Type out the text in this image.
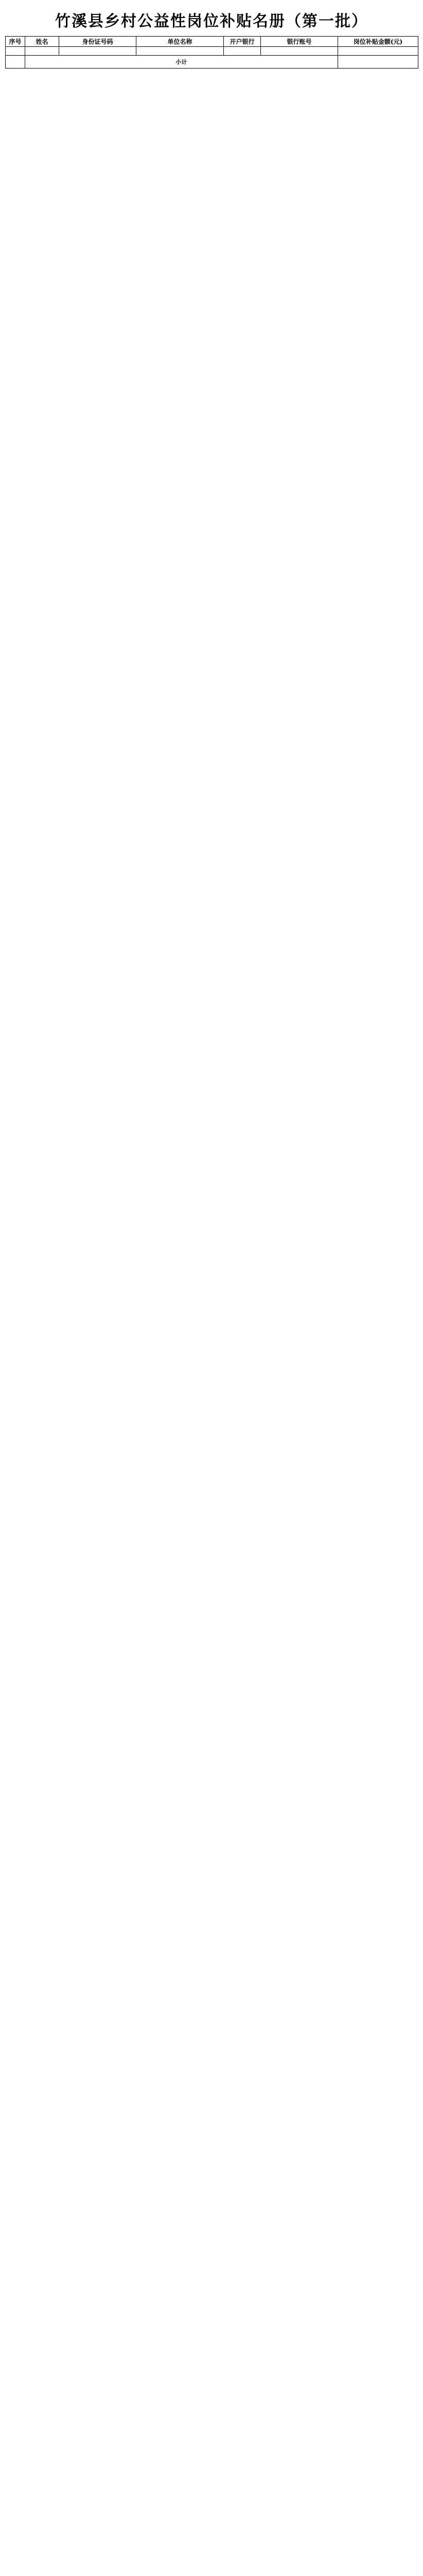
竹溪县乡村公益性岗位补贴名册（第一批）
序号	姓名	身份证号码	单位名称	开户银行	银行账号	岗位补贴金额(元)

	小计					
